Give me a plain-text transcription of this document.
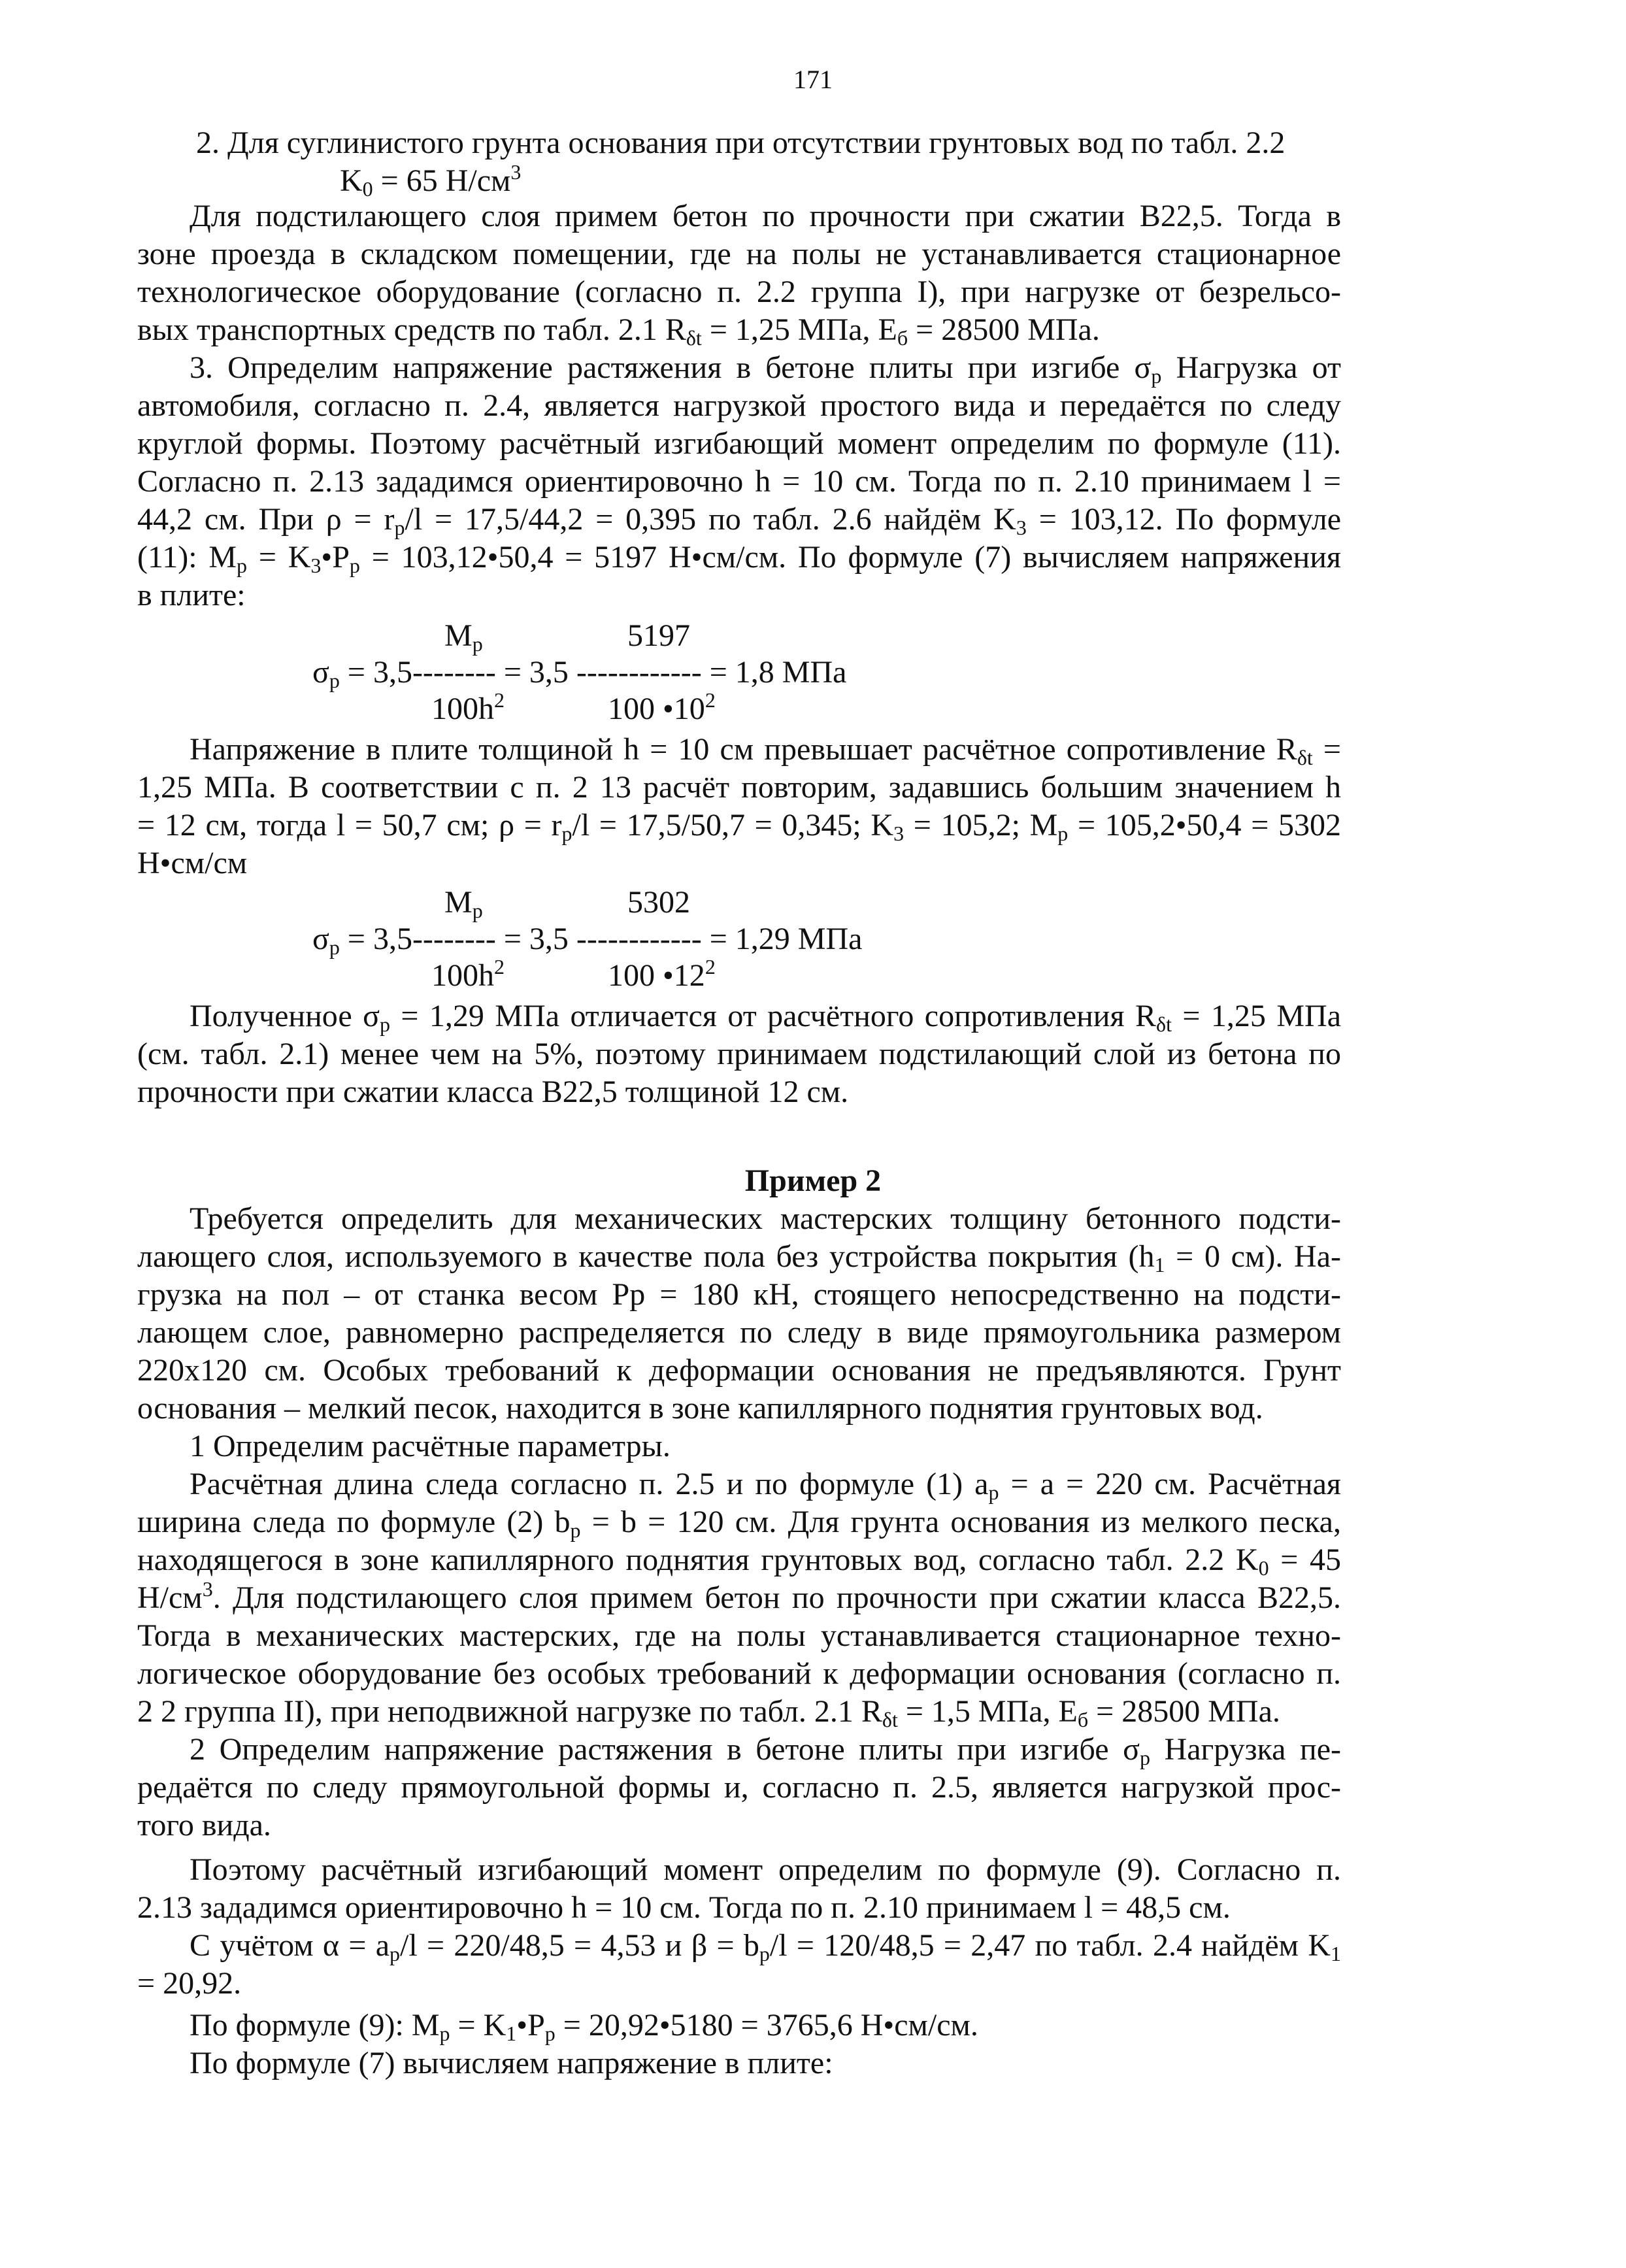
171
2. Для суглинистого грунта основания при отсутствии грунтовых вод по табл. 2.2
$K_0 = 65$ $Н/см^3$
Для подстилающего слоя примем бетон по прочности при сжатии В22,5. Тогда в
зоне проезда в складском помещении, где на полы не устанавливается стационарное
технологическое оборудование (согласно п. 2.2 группа I), при нагрузке от безрельсо-
вых транспортных средств по табл. 2.1 $R_{\delta t} = 1,25$ МПа, $E_б = 28500$ МПа.
3. Определим напряжение растяжения в бетоне плиты при изгибе $\sigma_p$ Нагрузка от
автомобиля, согласно п. 2.4, является нагрузкой простого вида и передаётся по следу
круглой формы. Поэтому расчётный изгибающий момент определим по формуле (11).
Согласно п. 2.13 зададимся ориентировочно h = 10 см. Тогда по п. 2.10 принимаем l =
44,2 см. При $\rho = r_p/l = 17,5/44,2 = 0,395$ по табл. 2.6 найдём $K_3 = 103,12$. По формуле
(11): $M_p$ = $K_3•P_p$ = 103,12•50,4 = 5197 Н•см/см. По формуле (7) вычисляем напряжения
в плите:
$M_p$	5197
$\sigma_p = 3,5-------- = 3,5$ ------------ = 1,8 МПа
$100h^2$	100 $•10^2$
Напряжение в плите толщиной h = 10 см превышает расчётное сопротивление $R_{\delta t}$ =
1,25 МПа. В соответствии с п. 2 13 расчёт повторим, задавшись большим значением h
= 12 см, тогда l = 50,7 см; $\rho = r_p/l = 17,5/50,7 = 0,345$; $K_3 = 105,2$; $M_p$ = 105,2•50,4 = 5302
Н•см/см
$M_p$	5302
$\sigma_p = 3,5-------- = 3,5$ ------------ = 1,29 МПа
$100h^2$	100 $•12^2$
Полученное $\sigma_p = 1,29$ МПа отличается от расчётного сопротивления $R_{\delta t} = 1,25$ МПа
(см. табл. 2.1) менее чем на 5%, поэтому принимаем подстилающий слой из бетона по
прочности при сжатии класса В22,5 толщиной 12 см.
Пример 2
Требуется определить для механических мастерских толщину бетонного подсти-
лающего слоя, используемого в качестве пола без устройства покрытия ($h_1 = 0$ см). На-
грузка на пол – от станка весом Pp = 180 кН, стоящего непосредственно на подсти-
лающем слое, равномерно распределяется по следу в виде прямоугольника размером
220x120 см. Особых требований к деформации основания не предъявляются. Грунт
основания – мелкий песок, находится в зоне капиллярного поднятия грунтовых вод.
1 Определим расчётные параметры.
Расчётная длина следа согласно п. 2.5 и по формуле (1) $a_p = a = 220$ см. Расчётная
ширина следа по формуле (2) $b_p = b = 120$ см. Для грунта основания из мелкого песка,
находящегося в зоне капиллярного поднятия грунтовых вод, согласно табл. 2.2 $K_0 = 45$
$Н/см^3$. Для подстилающего слоя примем бетон по прочности при сжатии класса В22,5.
Тогда в механических мастерских, где на полы устанавливается стационарное техно-
логическое оборудование без особых требований к деформации основания (согласно п.
2 2 группа II), при неподвижной нагрузке по табл. 2.1 $R_{\delta t} = 1,5$ МПа, $E_б = 28500$ МПа.
2 Определим напряжение растяжения в бетоне плиты при изгибе $\sigma_p$ Нагрузка пе-
редаётся по следу прямоугольной формы и, согласно п. 2.5, является нагрузкой прос-
того вида.
Поэтому расчётный изгибающий момент определим по формуле (9). Согласно п.
2.13 зададимся ориентировочно h = 10 см. Тогда по п. 2.10 принимаем l = 48,5 см.
С учётом $\alpha = a_p/l = 220/48,5 = 4,53$ и $\beta = b_p/l = 120/48,5 = 2,47$ по табл. 2.4 найдём $K_1$
= 20,92.
По формуле (9): $M_p$ = $K_1•P_p$ = 20,92•5180 = 3765,6 Н•см/см.
По формуле (7) вычисляем напряжение в плите:
